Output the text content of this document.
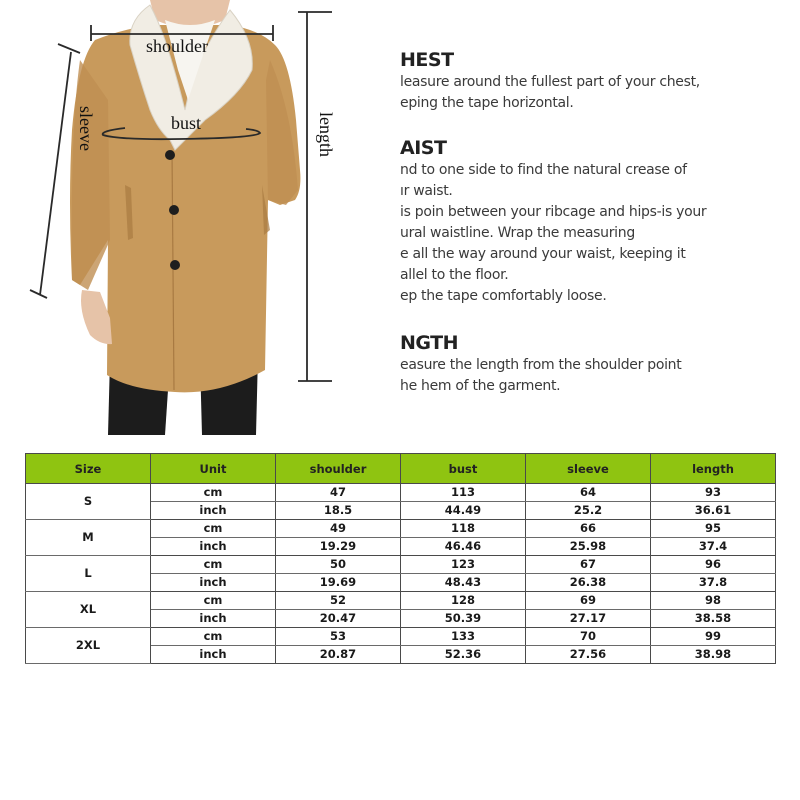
shoulder
bust
sleeve	length
HEST

leasure around the fullest part of your chest,

eping the tape horizontal.

AIST

nd to one side to find the natural crease of

ır waist.

is poin between your ribcage and hips-is your

ural waistline. Wrap the measuring

e all the way around your waist, keeping it

allel to the floor.

ep the tape comfortably loose.

NGTH

easure the length from the shoulder point

he hem of the garment.

Size	Unit	shoulder	bust	sleeve	length
S	cm	47	113	64	93
	inch	18.5	44.49	25.2	36.61
M	cm	49	118	66	95
	inch	19.29	46.46	25.98	37.4
L	cm	50	123	67	96
	inch	19.69	48.43	26.38	37.8
XL	cm	52	128	69	98
	inch	20.47	50.39	27.17	38.58
2XL	cm	53	133	70	99
	inch	20.87	52.36	27.56	38.98
